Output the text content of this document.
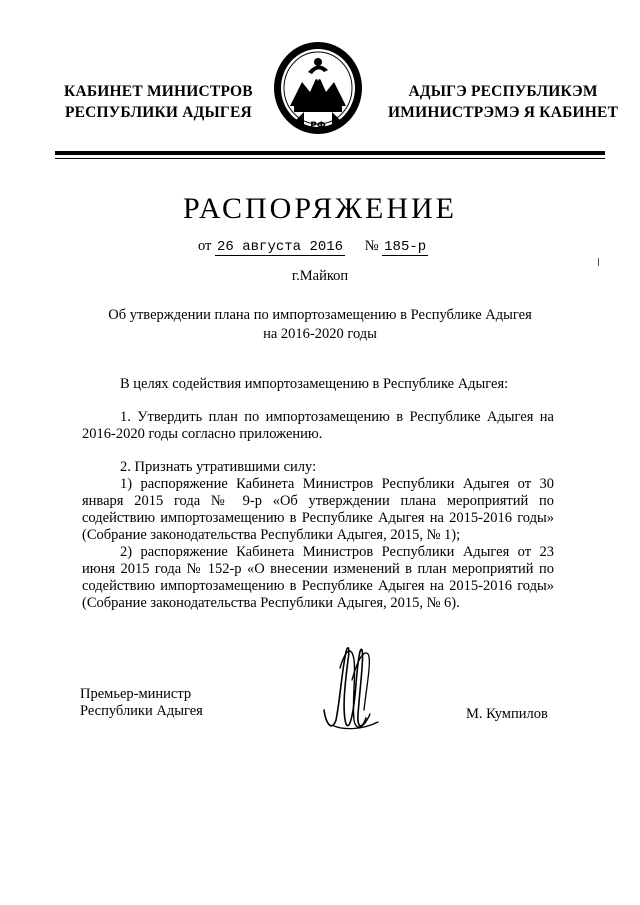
КАБИНЕТ МИНИСТРОВ
РЕСПУБЛИКИ АДЫГЕЯ
РФ
АДЫГЭ РЕСПУБЛИКЭМ
ИМИНИСТРЭМЭ Я КАБИНЕТ
РАСПОРЯЖЕНИЕ
от 26 августа 2016 № 185-р
г.Майкоп
Об утверждении плана по импортозамещению в Республике Адыгея
на 2016-2020 годы

В целях содействия импортозамещению в Республике Адыгея:

1. Утвердить план по импортозамещению в Республике Адыгея на 2016-2020 годы согласно приложению.

2. Признать утратившими силу:

1) распоряжение Кабинета Министров Республики Адыгея от 30 января 2015 года № 9-р «Об утверждении плана мероприятий по содействию импортозамещению в Республике Адыгея на 2015-2016 годы» (Собрание законодательства Республики Адыгея, 2015, № 1);

2) распоряжение Кабинета Министров Республики Адыгея от 23 июня 2015 года № 152-р «О внесении изменений в план мероприятий по содействию импортозамещению в Республике Адыгея на 2015-2016 годы» (Собрание законодательства Республики Адыгея, 2015, № 6).

Премьер-министр
Республики Адыгея	М. Кумпилов
